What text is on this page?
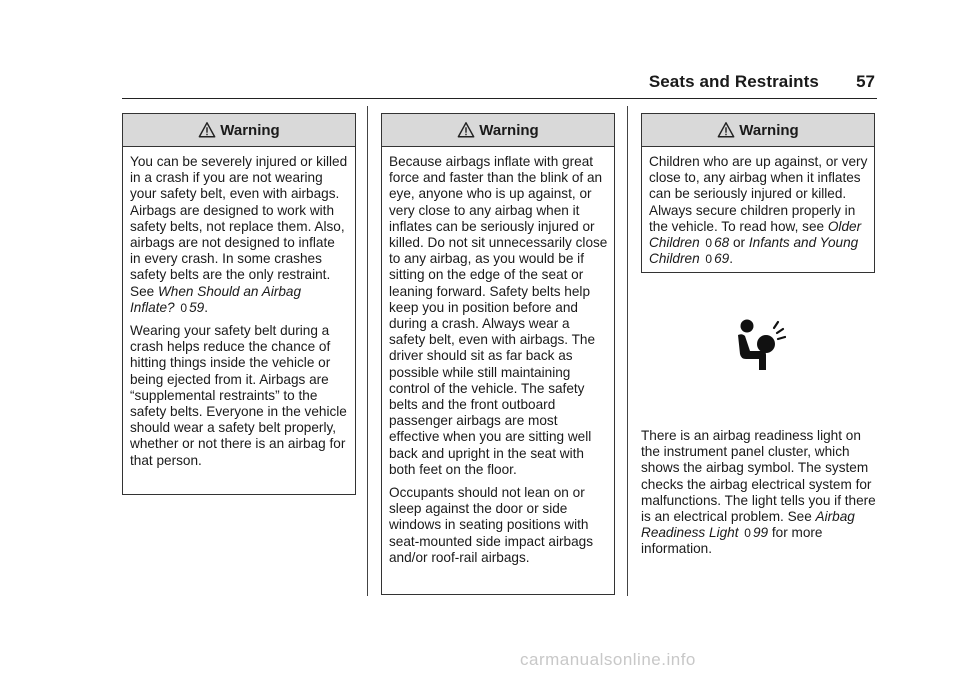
Seats and Restraints 57
Warning

You can be severely injured or killed in a crash if you are not wearing your safety belt, even with airbags. Airbags are designed to work with safety belts, not replace them. Also, airbags are not designed to inflate in every crash. In some crashes safety belts are the only restraint. See When Should an Airbag Inflate? 0 59.

Wearing your safety belt during a crash helps reduce the chance of hitting things inside the vehicle or being ejected from it. Airbags are “supplemental restraints” to the safety belts. Everyone in the vehicle should wear a safety belt properly, whether or not there is an airbag for that person.

Warning

Because airbags inflate with great force and faster than the blink of an eye, anyone who is up against, or very close to any airbag when it inflates can be seriously injured or killed. Do not sit unnecessarily close to any airbag, as you would be if sitting on the edge of the seat or leaning forward. Safety belts help keep you in position before and during a crash. Always wear a safety belt, even with airbags. The driver should sit as far back as possible while still maintaining control of the vehicle. The safety belts and the front outboard passenger airbags are most effective when you are sitting well back and upright in the seat with both feet on the floor.

Occupants should not lean on or sleep against the door or side windows in seating positions with seat-mounted side impact airbags and/or roof-rail airbags.

Warning

Children who are up against, or very close to, any airbag when it inflates can be seriously injured or killed. Always secure children properly in the vehicle. To read how, see Older Children 0 68 or Infants and Young Children 0 69.

There is an airbag readiness light on the instrument panel cluster, which shows the airbag symbol. The system checks the airbag electrical system for malfunctions. The light tells you if there is an electrical problem. See Airbag Readiness Light 0 99 for more information.
carmanualsonline.info
